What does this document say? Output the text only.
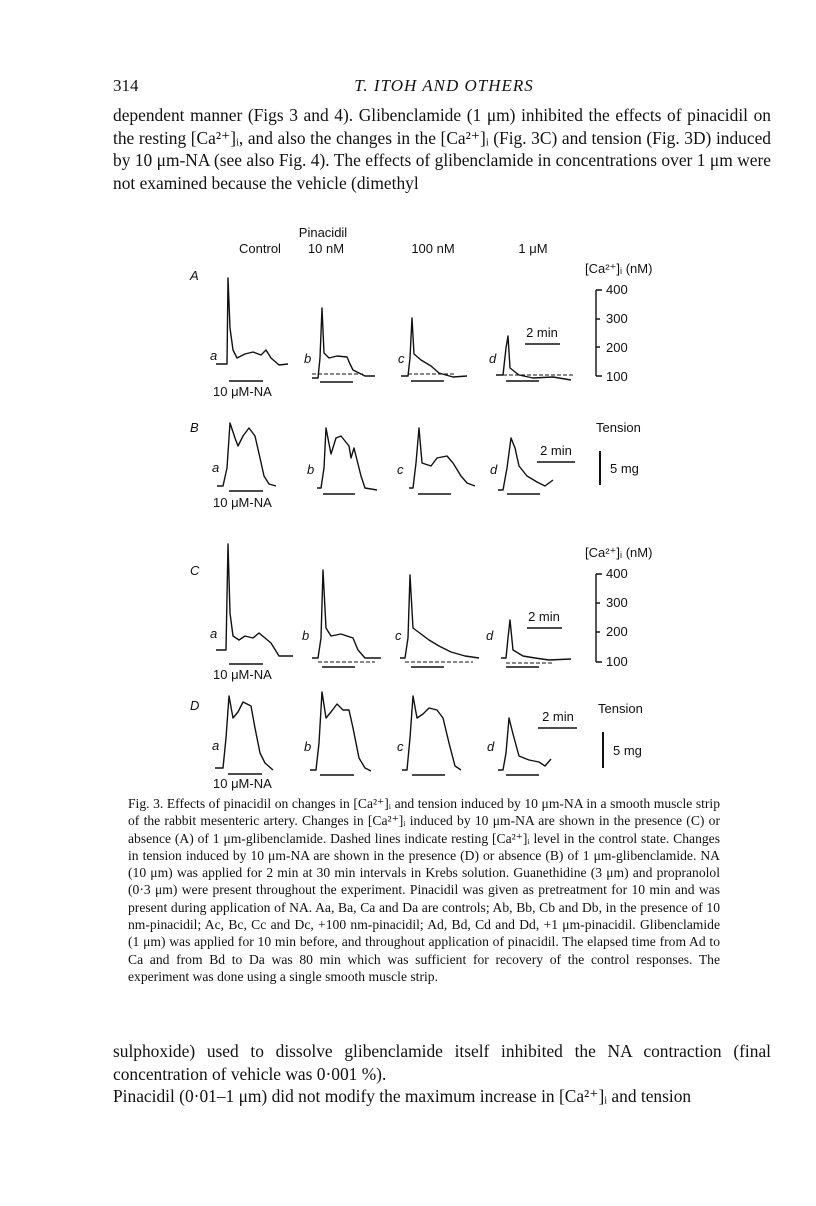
314	T. ITOH AND OTHERS

dependent manner (Figs 3 and 4). Glibenclamide (1 μm) inhibited the effects of pinacidil on the resting [Ca²⁺]ᵢ, and also the changes in the [Ca²⁺]ᵢ (Fig. 3C) and tension (Fig. 3D) induced by 10 μm-NA (see also Fig. 4). The effects of glibenclamide in concentrations over 1 μm were not examined because the vehicle (dimethyl

Pinacidil
Control 10 nM	100 nM	1 μM
A
B
C
D
a	b	c	d
a	b	c	d
a	b	c	d
a	b	c	d
10 μM-NA
10 μM-NA
10 μM-NA
10 μM-NA
2 min
2 min
2 min
2 min
[Ca²⁺]ᵢ (nM)
400
300
200
100
[Ca²⁺]ᵢ (nM)
400
300
200
100
Tension
5 mg
Tension
5 mg

Fig. 3. Effects of pinacidil on changes in [Ca²⁺]ᵢ and tension induced by 10 μm-NA in a smooth muscle strip of the rabbit mesenteric artery. Changes in [Ca²⁺]ᵢ induced by 10 μm-NA are shown in the presence (C) or absence (A) of 1 μm-glibenclamide. Dashed lines indicate resting [Ca²⁺]ᵢ level in the control state. Changes in tension induced by 10 μm-NA are shown in the presence (D) or absence (B) of 1 μm-glibenclamide. NA (10 μm) was applied for 2 min at 30 min intervals in Krebs solution. Guanethidine (3 μm) and propranolol (0·3 μm) were present throughout the experiment. Pinacidil was given as pretreatment for 10 min and was present during application of NA. Aa, Ba, Ca and Da are controls; Ab, Bb, Cb and Db, in the presence of 10 nm-pinacidil; Ac, Bc, Cc and Dc, +100 nm-pinacidil; Ad, Bd, Cd and Dd, +1 μm-pinacidil. Glibenclamide (1 μm) was applied for 10 min before, and throughout application of pinacidil. The elapsed time from Ad to Ca and from Bd to Da was 80 min which was sufficient for recovery of the control responses. The experiment was done using a single smooth muscle strip.

sulphoxide) used to dissolve glibenclamide itself inhibited the NA contraction (final concentration of vehicle was 0·001 %).

Pinacidil (0·01–1 μm) did not modify the maximum increase in [Ca²⁺]ᵢ and tension
